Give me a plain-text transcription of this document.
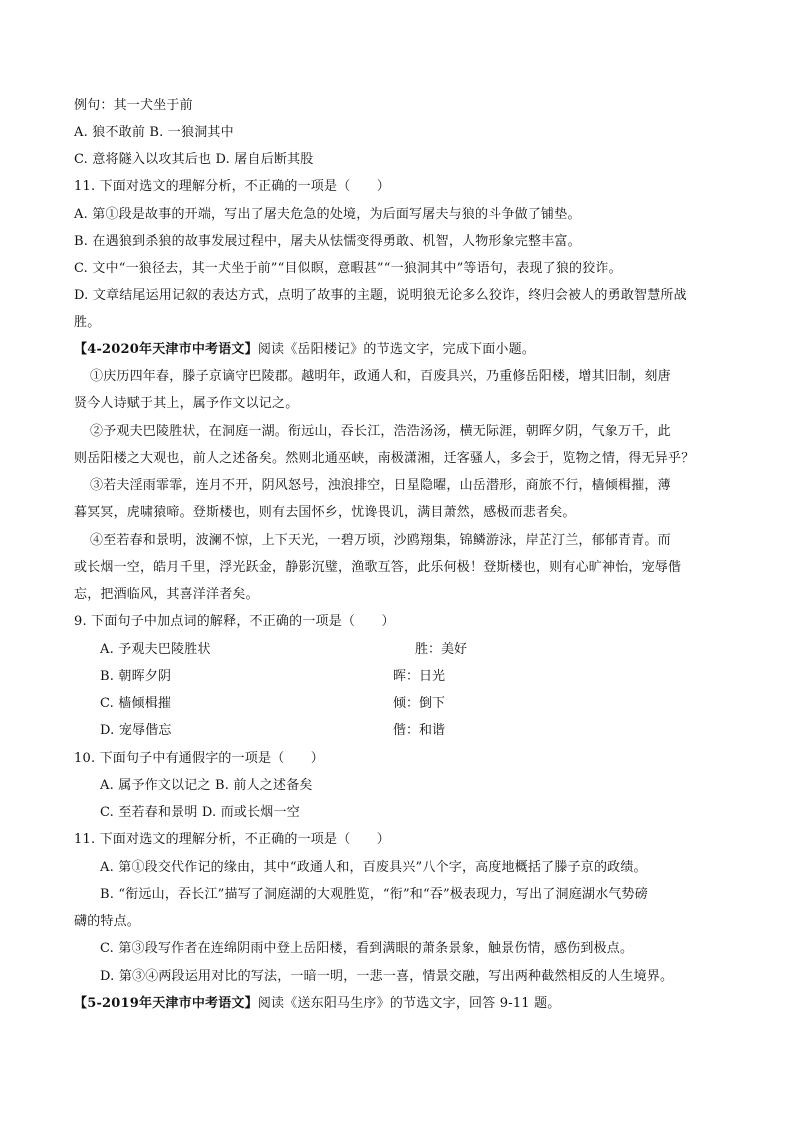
例句：其一犬坐于前
A. 狼不敢前 B. 一狼洞其中
C. 意将隧入以攻其后也 D. 屠自后断其股
11. 下面对选文的理解分析，不正确的一项是（　　）
A. 第①段是故事的开端，写出了屠夫危急的处境，为后面写屠夫与狼的斗争做了铺垫。
B. 在遇狼到杀狼的故事发展过程中，屠夫从怯懦变得勇敢、机智，人物形象完整丰富。
C. 文中“一狼径去，其一犬坐于前”“目似瞑，意暇甚”“一狼洞其中”等语句，表现了狼的狡诈。
D. 文章结尾运用记叙的表达方式，点明了故事的主题，说明狼无论多么狡诈，终归会被人的勇敢智慧所战
胜。
【4-2020年天津市中考语文】阅读《岳阳楼记》的节选文字，完成下面小题。
①庆历四年春，滕子京谪守巴陵郡。越明年，政通人和，百废具兴，乃重修岳阳楼，增其旧制，刻唐
贤今人诗赋于其上，属予作文以记之。
②予观夫巴陵胜状，在洞庭一湖。衔远山，吞长江，浩浩汤汤，横无际涯，朝晖夕阴，气象万千，此
则岳阳楼之大观也，前人之述备矣。然则北通巫峡，南极潇湘，迁客骚人，多会于，览物之情，得无异乎？
③若夫淫雨霏霏，连月不开，阴风怒号，浊浪排空，日星隐曜，山岳潜形，商旅不行，樯倾楫摧，薄
暮冥冥，虎啸猿啼。登斯楼也，则有去国怀乡，忧谗畏讥，满目萧然，感极而悲者矣。
④至若春和景明，波澜不惊，上下天光，一碧万顷，沙鸥翔集，锦鳞游泳，岸芷汀兰，郁郁青青。而
或长烟一空，皓月千里，浮光跃金，静影沉璧，渔歌互答，此乐何极！登斯楼也，则有心旷神怡，宠辱偕
忘，把酒临风，其喜洋洋者矣。
9. 下面句子中加点词的解释，不正确的一项是（　　）
A. 予观夫巴陵胜状	胜：美好
B. 朝晖夕阴	晖：日光
C. 樯倾楫摧	倾：倒下
D. 宠辱偕忘	偕：和谐
10. 下面句子中有通假字的一项是（　　）
A. 属予作文以记之 B. 前人之述备矣
C. 至若春和景明 D. 而或长烟一空
11. 下面对选文的理解分析，不正确的一项是（　　）
A. 第①段交代作记的缘由，其中“政通人和，百废具兴”八个字，高度地概括了滕子京的政绩。
B. “衔远山，吞长江”描写了洞庭湖的大观胜览，“衔”和“吞”极表现力，写出了洞庭湖水气势磅
礴的特点。
C. 第③段写作者在连绵阴雨中登上岳阳楼，看到满眼的萧条景象，触景伤情，感伤到极点。
D. 第③④两段运用对比的写法，一暗一明，一悲一喜，情景交融，写出两种截然相反的人生境界。
【5-2019年天津市中考语文】阅读《送东阳马生序》的节选文字，回答 9-11 题。
